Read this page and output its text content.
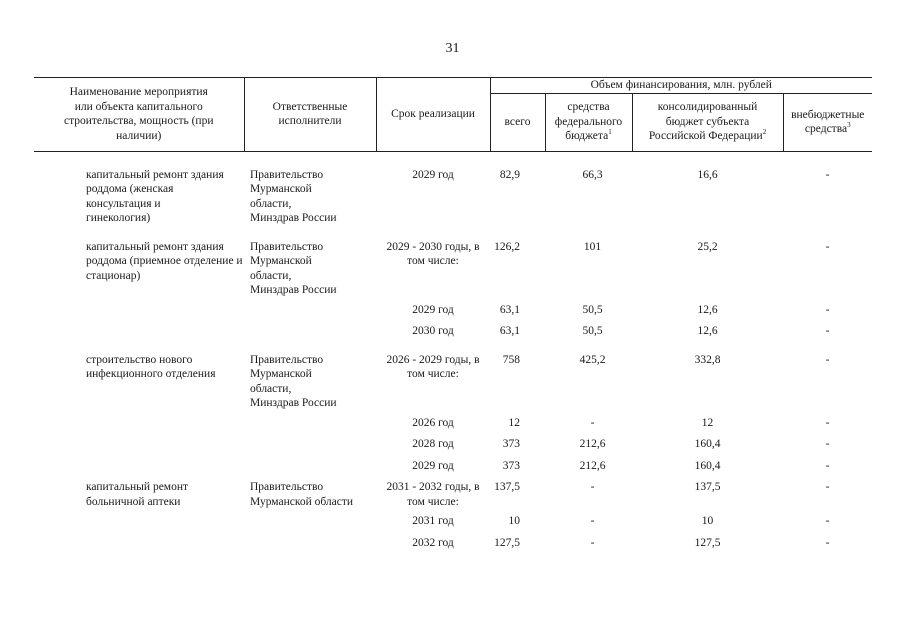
31
Наименование мероприятия или объекта капитального строительства, мощность (при наличии)	Ответственные исполнители	Срок реализации	Объем финансирования, млн. рублей			
			всего	средства федерального бюджета$^1$	консолидированный бюджет субъекта Российской Федерации$^2$	внебюджетные средства$^3$

капитальный ремонт здания роддома (женская консультация и гинекология)	Правительство Мурманской области, Минздрав России	2029 год	82,9	66,3	16,6	-

капитальный ремонт здания роддома (приемное отделение и стационар)	Правительство Мурманской области, Минздрав России	2029 - 2030 годы, в том числе:	126,2	101	25,2	-
		2029 год	63,1	50,5	12,6	-
		2030 год	63,1	50,5	12,6	-

строительство нового инфекционного отделения	Правительство Мурманской области, Минздрав России	2026 - 2029 годы, в том числе:	758	425,2	332,8	-
		2026 год	12	-	12	-
		2028 год	373	212,6	160,4	-
		2029 год	373	212,6	160,4	-

капитальный ремонт больничной аптеки	Правительство Мурманской области	2031 - 2032 годы, в том числе:	137,5	-	137,5	-
		2031 год	10	-	10	-
		2032 год	127,5	-	127,5	-
